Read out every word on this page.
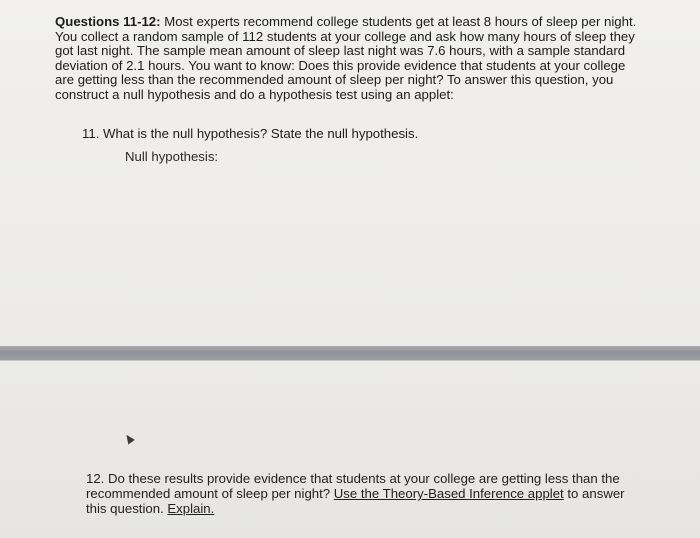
Questions 11-12: Most experts recommend college students get at least 8 hours of sleep per night. You collect a random sample of 112 students at your college and ask how many hours of sleep they got last night. The sample mean amount of sleep last night was 7.6 hours, with a sample standard deviation of 2.1 hours. You want to know: Does this provide evidence that students at your college are getting less than the recommended amount of sleep per night? To answer this question, you construct a null hypothesis and do a hypothesis test using an applet:

11. What is the null hypothesis? State the null hypothesis.
Null hypothesis:
12. Do these results provide evidence that students at your college are getting less than the recommended amount of sleep per night? Use the Theory-Based Inference applet to answer this question. Explain.
